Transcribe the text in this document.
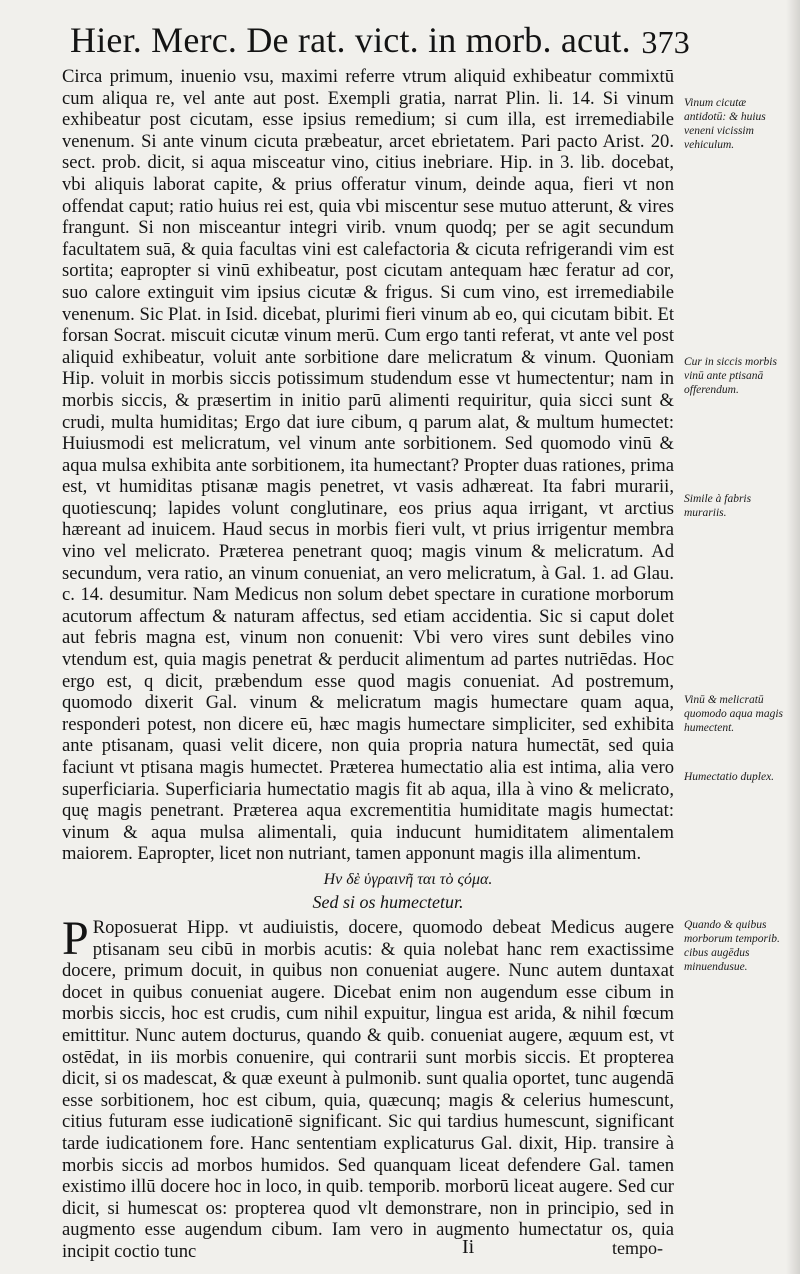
Hier. Merc. De rat. vict. in morb. acut. 373

Circa primum, inuenio vsu, maximi referre vtrum aliquid exhibeatur commixtū cum aliqua re, vel ante aut post. Exempli gratia, narrat Plin. li. 14. Si vinum exhibeatur post cicutam, esse ipsius remedium; si cum illa, est irremediabile venenum. Si ante vinum cicuta præbeatur, arcet ebrietatem. Pari pacto Arist. 20. sect. prob. dicit, si aqua misceatur vino, citius inebriare. Hip. in 3. lib. docebat, vbi aliquis laborat capite, & prius offeratur vinum, deinde aqua, fieri vt non offendat caput; ratio huius rei est, quia vbi miscentur sese mutuo atterunt, & vires frangunt. Si non misceantur integri virib. vnum quodq; per se agit secundum facultatem suā, & quia facultas vini est calefactoria & cicuta refrigerandi vim est sortita; eapropter si vinū exhibeatur, post cicutam antequam hæc feratur ad cor, suo calore extinguit vim ipsius cicutæ & frigus. Si cum vino, est irremediabile venenum. Sic Plat. in Isid. dicebat, plurimi fieri vinum ab eo, qui cicutam bibit. Et forsan Socrat. miscuit cicutæ vinum merū. Cum ergo tanti referat, vt ante vel post aliquid exhibeatur, voluit ante sorbitione dare melicratum & vinum. Quoniam Hip. voluit in morbis siccis potissimum studendum esse vt humectentur; nam in morbis siccis, & præsertim in initio parū alimenti requiritur, quia sicci sunt & crudi, multa humiditas; Ergo dat iure cibum, q parum alat, & multum humectet: Huiusmodi est melicratum, vel vinum ante sorbitionem. Sed quomodo vinū & aqua mulsa exhibita ante sorbitionem, ita humectant? Propter duas rationes, prima est, vt humiditas ptisanæ magis penetret, vt vasis adhæreat. Ita fabri murarii, quotiescunq; lapides volunt conglutinare, eos prius aqua irrigant, vt arctius hæreant ad inuicem. Haud secus in morbis fieri vult, vt prius irrigentur membra vino vel melicrato. Præterea penetrant quoq; magis vinum & melicratum. Ad secundum, vera ratio, an vinum conueniat, an vero melicratum, à Gal. 1. ad Glau. c. 14. desumitur. Nam Medicus non solum debet spectare in curatione morborum acutorum affectum & naturam affectus, sed etiam accidentia. Sic si caput dolet aut febris magna est, vinum non conuenit: Vbi vero vires sunt debiles vino vtendum est, quia magis penetrat & perducit alimentum ad partes nutriēdas. Hoc ergo est, q dicit, præbendum esse quod magis conueniat. Ad postremum, quomodo dixerit Gal. vinum & melicratum magis humectare quam aqua, responderi potest, non dicere eū, hæc magis humectare simpliciter, sed exhibita ante ptisanam, quasi velit dicere, non quia propria natura humectāt, sed quia faciunt vt ptisana magis humectet. Præterea humectatio alia est intima, alia vero superficiaria. Superficiaria humectatio magis fit ab aqua, illa à vino & melicrato, quę magis penetrant. Præterea aqua excrementitia humiditate magis humectat: vinum & aqua mulsa alimentali, quia inducunt humiditatem alimentalem maiorem. Eapropter, licet non nutriant, tamen apponunt magis illa alimentum.

Ην δὲ ὑγραινῆ ται τὸ ςόμα.

Sed si os humectetur.

P Roposuerat Hipp. vt audiuistis, docere, quomodo debeat Medicus augere ptisanam seu cibū in morbis acutis: & quia nolebat hanc rem exactissime docere, primum docuit, in quibus non conueniat augere. Nunc autem duntaxat docet in quibus conueniat augere. Dicebat enim non augendum esse cibum in morbis siccis, hoc est crudis, cum nihil expuitur, lingua est arida, & nihil fœcum emittitur. Nunc autem docturus, quando & quib. conueniat augere, æquum est, vt ostēdat, in iis morbis conuenire, qui contrarii sunt morbis siccis. Et propterea dicit, si os madescat, & quæ exeunt à pulmonib. sunt qualia oportet, tunc augendā esse sorbitionem, hoc est cibum, quia, quæcunq; magis & celerius humescunt, citius futuram esse iudicationē significant. Sic qui tardius humescunt, significant tarde iudicationem fore. Hanc sententiam explicaturus Gal. dixit, Hip. transire à morbis siccis ad morbos humidos. Sed quanquam liceat defendere Gal. tamen existimo illū docere hoc in loco, in quib. temporib. morborū liceat augere. Sed cur dicit, si humescat os: propterea quod vlt demonstrare, non in principio, sed in augmento esse augendum cibum. Iam vero in augmento humectatur os, quia incipit coctio tunc

Vinum cicutæ antidotū: & huius veneni vicissim vehiculum.
Cur in siccis morbis vinū ante ptisanā offerendum.
Simile à fabris murariis.
Vinū & melicratū quomodo aqua magis humectent.
Humectatio duplex.
Quando & quibus morborum temporib. cibus augēdus minuendusue.
Ii	tempo-
